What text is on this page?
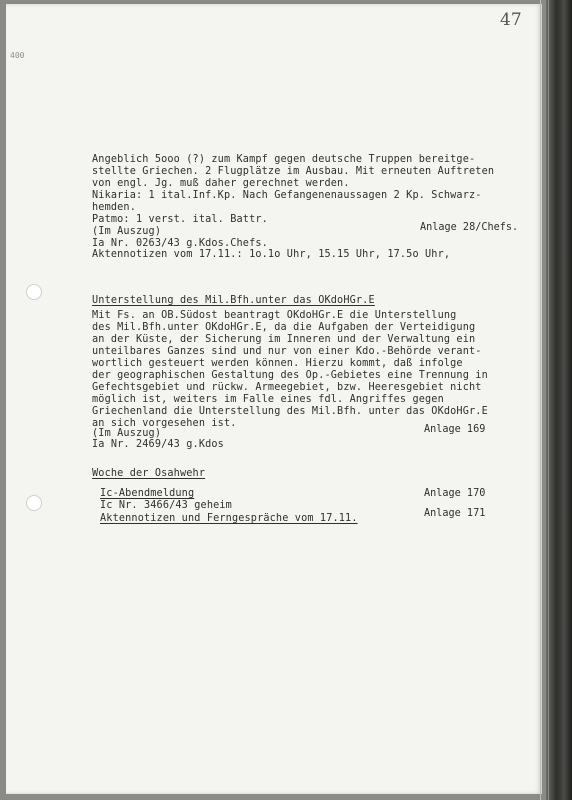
47
400
Angeblich 5ooo (?) zum Kampf gegen deutsche Truppen bereitge-
stellte Griechen. 2 Flugplätze im Ausbau. Mit erneuten Auftreten
von engl. Jg. muß daher gerechnet werden.
Nikaria: 1 ital.Inf.Kp. Nach Gefangenenaussagen 2 Kp. Schwarz-
hemden.
Patmo: 1 verst. ital. Battr.
(Im Auszug)
Ia Nr. 0263/43 g.Kdos.Chefs.
Anlage 28/Chefs.
Aktennotizen vom 17.11.: 1o.1o Uhr, 15.15 Uhr, 17.5o Uhr,
Unterstellung des Mil.Bfh.unter das OKdoHGr.E
Mit Fs. an OB.Südost beantragt OKdoHGr.E die Unterstellung
des Mil.Bfh.unter OKdoHGr.E, da die Aufgaben der Verteidigung
an der Küste, der Sicherung im Inneren und der Verwaltung ein
unteilbares Ganzes sind und nur von einer Kdo.-Behörde verant-
wortlich gesteuert werden können. Hierzu kommt, daß infolge
der geographischen Gestaltung des Op.-Gebietes eine Trennung in
Gefechtsgebiet und rückw. Armeegebiet, bzw. Heeresgebiet nicht
möglich ist, weiters im Falle eines fdl. Angriffes gegen
Griechenland die Unterstellung des Mil.Bfh. unter das OKdoHGr.E
an sich vorgesehen ist.
(Im Auszug)
Ia Nr. 2469/43 g.Kdos
Anlage 169
Woche der Osahwehr
Ic-Abendmeldung
Ic Nr. 3466/43 geheim
Anlage 170
Aktennotizen und Ferngespräche vom 17.11.	Anlage 171
